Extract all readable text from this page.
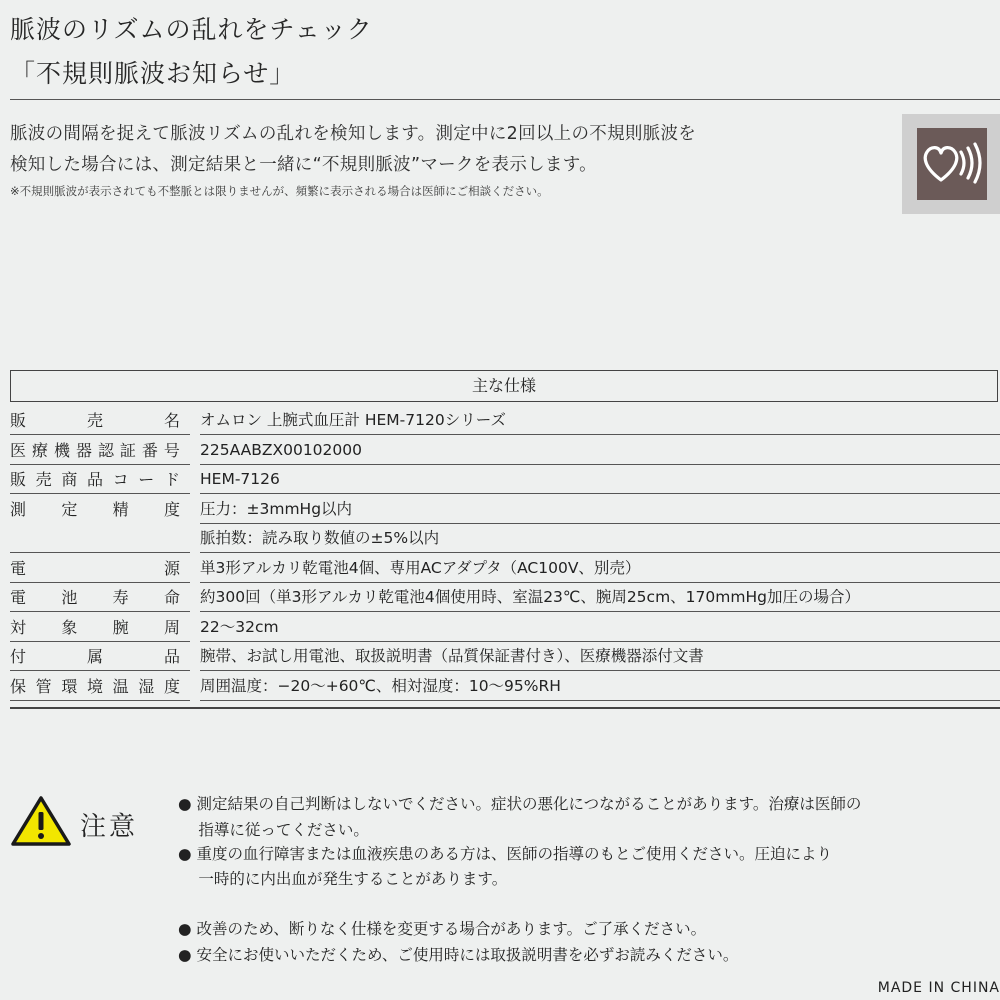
脈波のリズムの乱れをチェック
「不規則脈波お知らせ」
脈波の間隔を捉えて脈波リズムの乱れを検知します。測定中に2回以上の不規則脈波を
検知した場合には、測定結果と一緒に“不規則脈波”マークを表示します。
※不規則脈波が表示されても不整脈とは限りませんが、頻繁に表示される場合は医師にご相談ください。
主な仕様
販	売	名 オムロン 上腕式血圧計 HEM-7120シリーズ
医 療 機 器 認 証 番 号 225AABZX00102000
販 売 商 品 コ ー ド HEM-7126
測 定 精 度 圧力：±3mmHg以内
脈拍数：読み取り数値の±5%以内
電	源 単3形アルカリ乾電池4個、専用ACアダプタ（AC100V、別売）
電 池 寿 命 約300回（単3形アルカリ乾電池4個使用時、室温23℃、腕周25cm、170mmHg加圧の場合）
対 象 腕 周 22〜32cm
付	属	品 腕帯、お試し用電池、取扱説明書（品質保証書付き）、医療機器添付文書
保 管 環 境 温 湿 度 周囲温度：−20〜+60℃、相対湿度：10〜95%RH
注意
● 測定結果の自己判断はしないでください。症状の悪化につながることがあります。治療は医師の
　 指導に従ってください。
● 重度の血行障害または血液疾患のある方は、医師の指導のもとご使用ください。圧迫により
　 一時的に内出血が発生することがあります。
● 改善のため、断りなく仕様を変更する場合があります。ご了承ください。
● 安全にお使いいただくため、ご使用時には取扱説明書を必ずお読みください。
MADE IN CHINA
